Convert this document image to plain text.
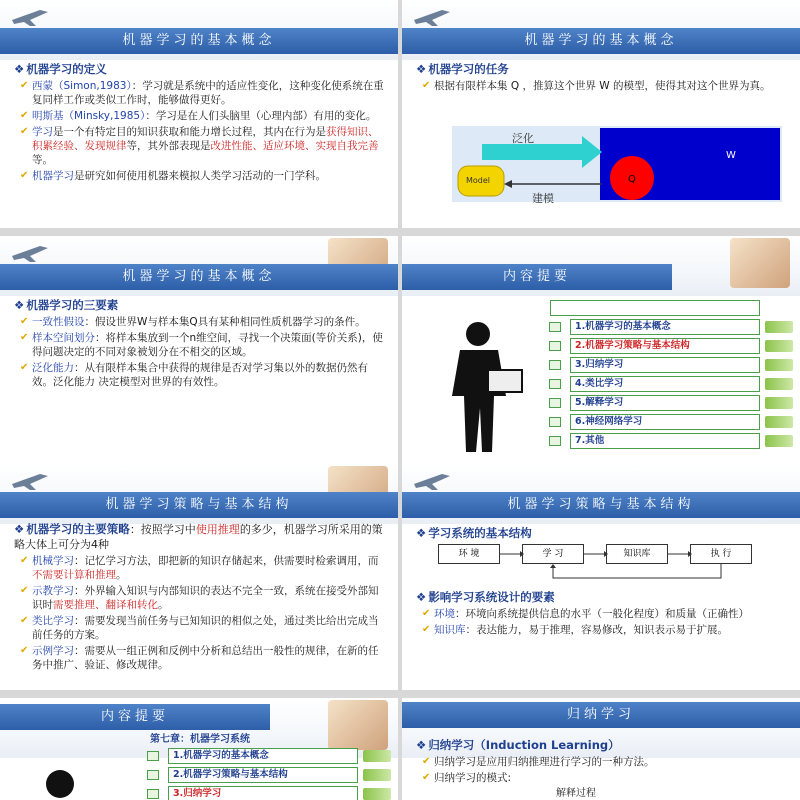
机器学习的基本概念
❖ 机器学习的定义
✔ 西蒙（Simon,1983）：学习就是系统中的适应性变化，这种变化使系统在重复同样工作或类似工作时，能够做得更好。
✔ 明斯基（Minsky,1985）：学习是在人们头脑里（心理内部）有用的变化。
✔ 学习是一个有特定目的知识获取和能力增长过程，其内在行为是获得知识、积累经验、发现规律等，其外部表现是改进性能、适应环境、实现自我完善等。
✔ 机器学习是研究如何使用机器来模拟人类学习活动的一门学科。
机器学习的基本概念
❖ 机器学习的任务
✔ 根据有限样本集 Q ，推算这个世界 W 的模型，使得其对这个世界为真。
泛化
Model
建模
W
Q
机器学习的基本概念
❖ 机器学习的三要素
✔ 一致性假设：假设世界W与样本集Q具有某种相同性质机器学习的条件。
✔ 样本空间划分：将样本集放到一个n维空间，寻找一个决策面(等价关系)，使得问题决定的不同对象被划分在不相交的区域。
✔ 泛化能力：从有限样本集合中获得的规律是否对学习集以外的数据仍然有效。泛化能力 决定模型对世界的有效性。
内容提要
1.机器学习的基本概念
2.机器学习策略与基本结构
3.归纳学习
4.类比学习
5.解释学习
6.神经网络学习
7.其他
机器学习策略与基本结构
❖ 机器学习的主要策略：按照学习中使用推理的多少，机器学习所采用的策略大体上可分为4种
✔ 机械学习：记忆学习方法，即把新的知识存储起来，供需要时检索调用，而不需要计算和推理。
✔ 示教学习：外界输入知识与内部知识的表达不完全一致，系统在接受外部知识时需要推理、翻译和转化。
✔ 类比学习：需要发现当前任务与已知知识的相似之处，通过类比给出完成当前任务的方案。
✔ 示例学习：需要从一组正例和反例中分析和总结出一般性的规律，在新的任务中推广、验证、修改规律。
机器学习策略与基本结构
❖ 学习系统的基本结构
环 境	学 习	知识库	执 行
❖ 影响学习系统设计的要素
✔ 环境：环境向系统提供信息的水平（一般化程度）和质量（正确性）
✔ 知识库：表达能力，易于推理，容易修改，知识表示易于扩展。
内容提要
第七章：机器学习系统
1.机器学习的基本概念
2.机器学习策略与基本结构
3.归纳学习
归纳学习
❖ 归纳学习（Induction Learning）
✔ 归纳学习是应用归纳推理进行学习的一种方法。
✔ 归纳学习的模式:
解释过程
